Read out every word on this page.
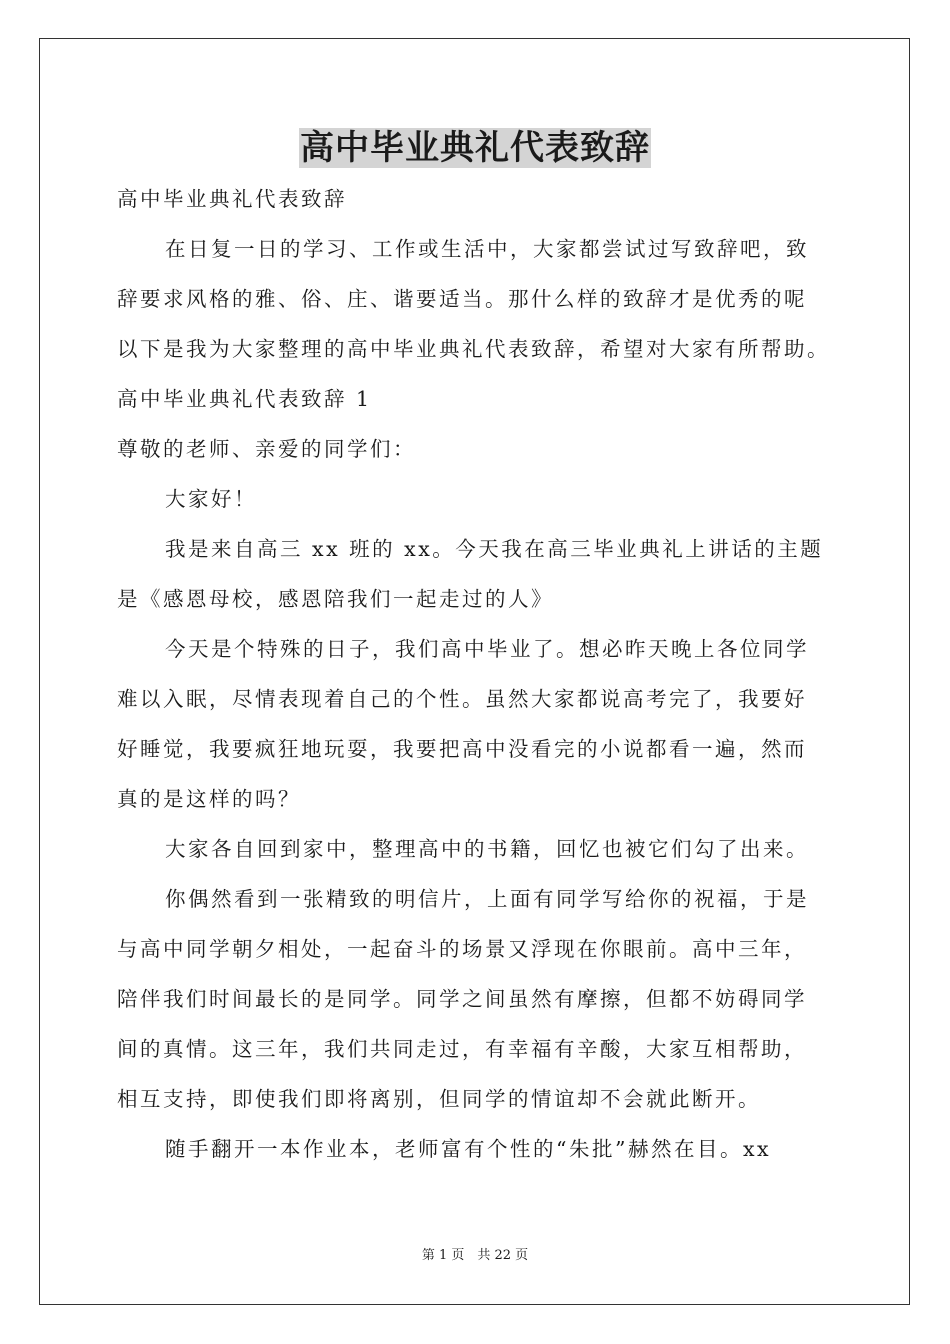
高中毕业典礼代表致辞
高中毕业典礼代表致辞
在日复一日的学习、工作或生活中，大家都尝试过写致辞吧，致
辞要求风格的雅、俗、庄、谐要适当。那什么样的致辞才是优秀的呢
以下是我为大家整理的高中毕业典礼代表致辞，希望对大家有所帮助。
高中毕业典礼代表致辞 1
尊敬的老师、亲爱的同学们：
大家好！
我是来自高三 xx 班的 xx。今天我在高三毕业典礼上讲话的主题
是《感恩母校，感恩陪我们一起走过的人》
今天是个特殊的日子，我们高中毕业了。想必昨天晚上各位同学
难以入眠，尽情表现着自己的个性。虽然大家都说高考完了，我要好
好睡觉，我要疯狂地玩耍，我要把高中没看完的小说都看一遍，然而
真的是这样的吗？
大家各自回到家中，整理高中的书籍，回忆也被它们勾了出来。
你偶然看到一张精致的明信片，上面有同学写给你的祝福，于是
与高中同学朝夕相处，一起奋斗的场景又浮现在你眼前。高中三年，
陪伴我们时间最长的是同学。同学之间虽然有摩擦，但都不妨碍同学
间的真情。这三年，我们共同走过，有幸福有辛酸，大家互相帮助，
相互支持，即使我们即将离别，但同学的情谊却不会就此断开。
随手翻开一本作业本，老师富有个性的“朱批”赫然在目。xx
第 1 页　共 22 页
